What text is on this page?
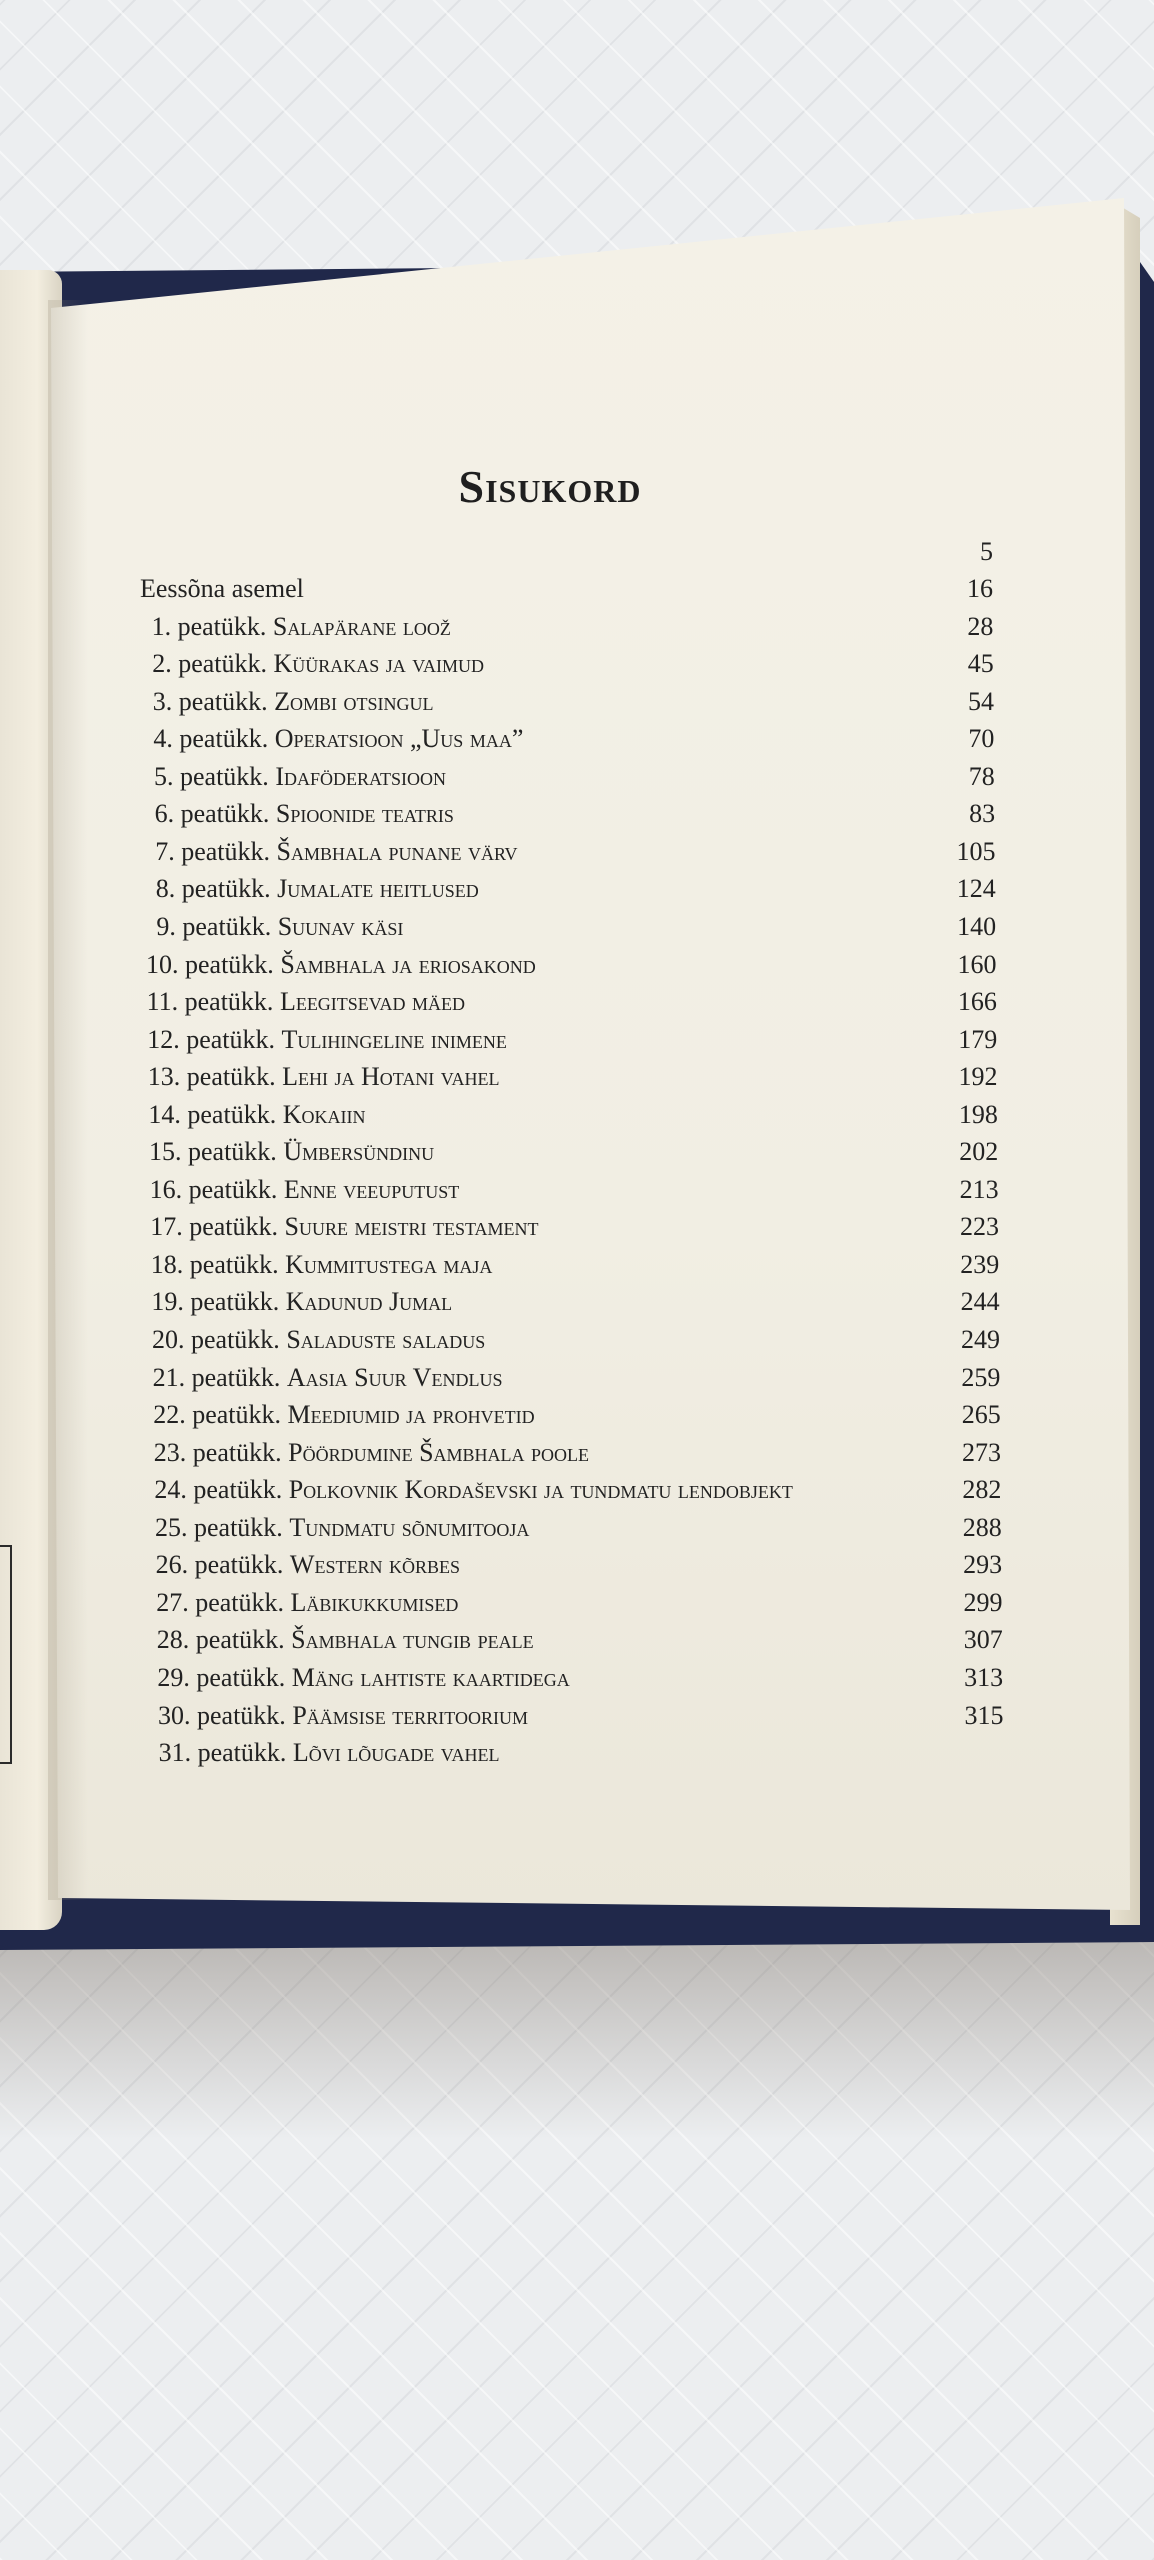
Sisukord
5
Eessõna asemel	16
1. peatükk. Salapärane loož	28
2. peatükk. Küürakas ja vaimud	45
3. peatükk. Zombi otsingul	54
4. peatükk. Operatsioon „Uus maa”	70
5. peatükk. Idaföderatsioon	78
6. peatükk. Spioonide teatris	83
7. peatükk. Šambhala punane värv	105
8. peatükk. Jumalate heitlused	124
9. peatükk. Suunav käsi	140
10. peatükk. Šambhala ja eriosakond	160
11. peatükk. Leegitsevad mäed	166
12. peatükk. Tulihingeline inimene	179
13. peatükk. Lehi ja Hotani vahel	192
14. peatükk. Kokaiin	198
15. peatükk. Ümbersündinu	202
16. peatükk. Enne veeuputust	213
17. peatükk. Suure meistri testament	223
18. peatükk. Kummitustega maja	239
19. peatükk. Kadunud Jumal	244
20. peatükk. Saladuste saladus	249
21. peatükk. Aasia Suur Vendlus	259
22. peatükk. Meediumid ja prohvetid	265
23. peatükk. Pöördumine Šambhala poole	273
24. peatükk. Polkovnik Kordaševski ja tundmatu lendobjekt	282
25. peatükk. Tundmatu sõnumitooja	288
26. peatükk. Western kõrbes	293
27. peatükk. Läbikukkumised	299
28. peatükk. Šambhala tungib peale	307
29. peatükk. Mäng lahtiste kaartidega	313
30. peatükk. Päämsise territoorium	315
31. peatükk. Lõvi lõugade vahel
